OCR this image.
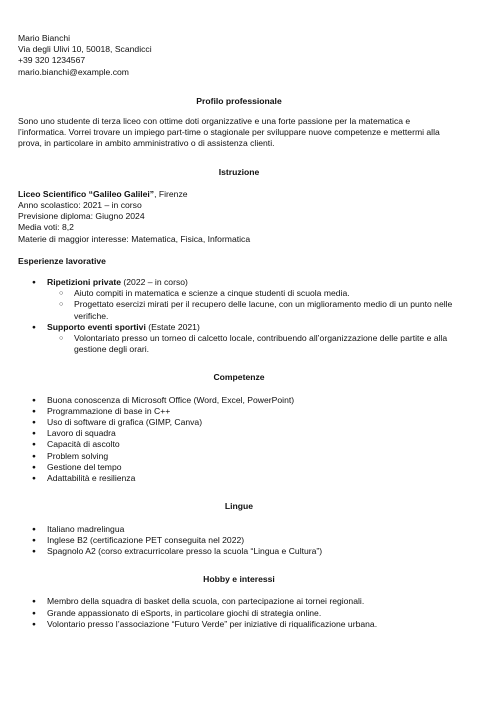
Mario Bianchi
Via degli Ulivi 10, 50018, Scandicci
+39 320 1234567
mario.bianchi@example.com
Profilo professionale

Sono uno studente di terza liceo con ottime doti organizzative e una forte passione per la matematica e l’informatica. Vorrei trovare un impiego part-time o stagionale per sviluppare nuove competenze e mettermi alla prova, in particolare in ambito amministrativo o di assistenza clienti.

Istruzione
Liceo Scientifico “Galileo Galilei”, Firenze
Anno scolastico: 2021 – in corso
Previsione diploma: Giugno 2024
Media voti: 8,2
Materie di maggior interesse: Matematica, Fisica, Informatica
Esperienze lavorative
● Ripetizioni private (2022 – in corso)
○ Aiuto compiti in matematica e scienze a cinque studenti di scuola media.
○ Progettato esercizi mirati per il recupero delle lacune, con un miglioramento medio di un punto nelle verifiche.
● Supporto eventi sportivi (Estate 2021)
○ Volontariato presso un torneo di calcetto locale, contribuendo all’organizzazione delle partite e alla gestione degli orari.
Competenze
● Buona conoscenza di Microsoft Office (Word, Excel, PowerPoint)
● Programmazione di base in C++
● Uso di software di grafica (GIMP, Canva)
● Lavoro di squadra
● Capacità di ascolto
● Problem solving
● Gestione del tempo
● Adattabilità e resilienza
Lingue
● Italiano madrelingua
● Inglese B2 (certificazione PET conseguita nel 2022)
● Spagnolo A2 (corso extracurricolare presso la scuola “Lingua e Cultura”)
Hobby e interessi
● Membro della squadra di basket della scuola, con partecipazione ai tornei regionali.
● Grande appassionato di eSports, in particolare giochi di strategia online.
● Volontario presso l’associazione “Futuro Verde” per iniziative di riqualificazione urbana.
